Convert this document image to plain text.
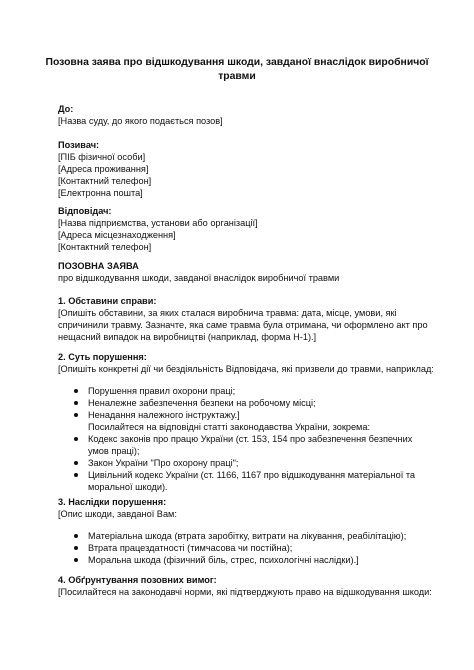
Позовна заява про відшкодування шкоди, завданої внаслідок виробничої
травми
До:
[Назва суду, до якого подається позов]
Позивач:
[ПІБ фізичної особи]
[Адреса проживання]
[Контактний телефон]
[Електронна пошта]
Відповідач:
[Назва підприємства, установи або організації]
[Адреса місцезнаходження]
[Контактний телефон]
ПОЗОВНА ЗАЯВА
про відшкодування шкоди, завданої внаслідок виробничої травми
1. Обставини справи:
[Опишіть обставини, за яких сталася виробнича травма: дата, місце, умови, які
спричинили травму. Зазначте, яка саме травма була отримана, чи оформлено акт про
нещасний випадок на виробництві (наприклад, форма Н-1).]
2. Суть порушення:
[Опишіть конкретні дії чи бездіяльність Відповідача, які призвели до травми, наприклад:
Порушення правил охорони праці;
Неналежне забезпечення безпеки на робочому місці;
Ненадання належного інструктажу.]
Посилайтеся на відповідні статті законодавства України, зокрема:
Кодекс законів про працю України (ст. 153, 154 про забезпечення безпечних
умов праці);
Закон України "Про охорону праці";
Цивільний кодекс України (ст. 1166, 1167 про відшкодування матеріальної та
моральної шкоди).
3. Наслідки порушення:
[Опис шкоди, завданої Вам:
Матеріальна шкода (втрата заробітку, витрати на лікування, реабілітацію);
Втрата працездатності (тимчасова чи постійна);
Моральна шкода (фізичний біль, стрес, психологічні наслідки).]
4. Обґрунтування позовних вимог:
[Посилайтеся на законодавчі норми, які підтверджують право на відшкодування шкоди:
